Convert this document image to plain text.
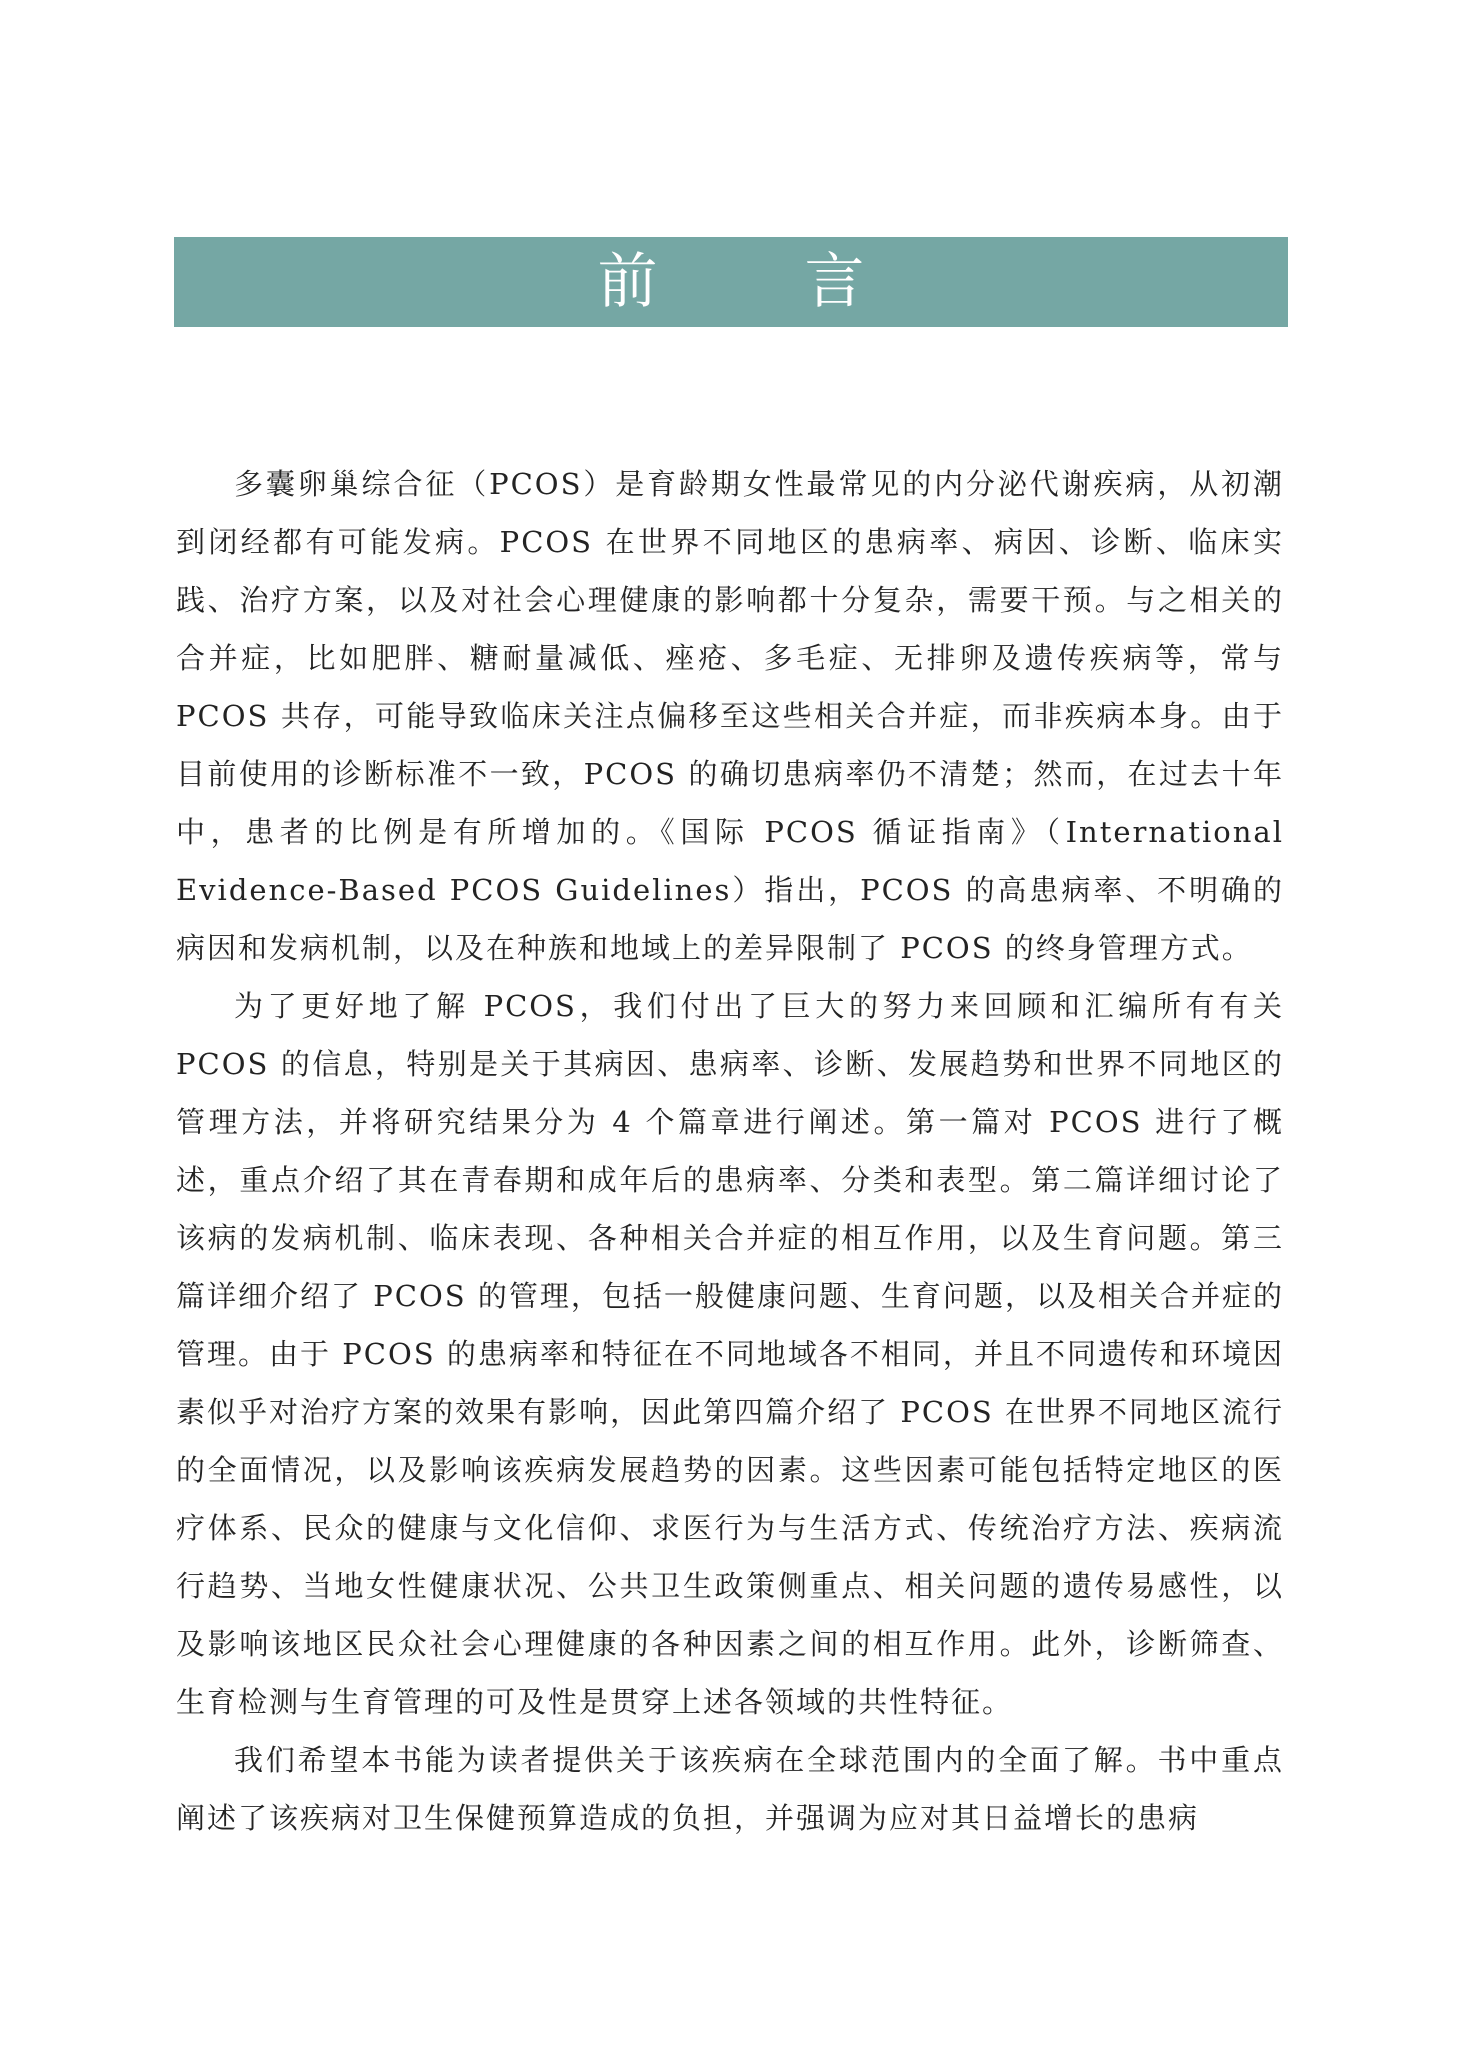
前 言

多囊卵巢综合征（PCOS）是育龄期女性最常见的内分泌代谢疾病，从初潮到闭经都有可能发病。PCOS 在世界不同地区的患病率、病因、诊断、临床实践、治疗方案，以及对社会心理健康的影响都十分复杂，需要干预。与之相关的合并症，比如肥胖、糖耐量减低、痤疮、多毛症、无排卵及遗传疾病等，常与 PCOS 共存，可能导致临床关注点偏移至这些相关合并症，而非疾病本身。由于目前使用的诊断标准不一致，PCOS 的确切患病率仍不清楚；然而，在过去十年中，患者的比例是有所增加的。《国际 PCOS 循证指南》（International Evidence-Based PCOS Guidelines）指出，PCOS 的高患病率、不明确的病因和发病机制，以及在种族和地域上的差异限制了 PCOS 的终身管理方式。

为了更好地了解 PCOS，我们付出了巨大的努力来回顾和汇编所有有关 PCOS 的信息，特别是关于其病因、患病率、诊断、发展趋势和世界不同地区的管理方法，并将研究结果分为 4 个篇章进行阐述。第一篇对 PCOS 进行了概述，重点介绍了其在青春期和成年后的患病率、分类和表型。第二篇详细讨论了该病的发病机制、临床表现、各种相关合并症的相互作用，以及生育问题。第三篇详细介绍了 PCOS 的管理，包括一般健康问题、生育问题，以及相关合并症的管理。由于 PCOS 的患病率和特征在不同地域各不相同，并且不同遗传和环境因素似乎对治疗方案的效果有影响，因此第四篇介绍了 PCOS 在世界不同地区流行的全面情况，以及影响该疾病发展趋势的因素。这些因素可能包括特定地区的医疗体系、民众的健康与文化信仰、求医行为与生活方式、传统治疗方法、疾病流行趋势、当地女性健康状况、公共卫生政策侧重点、相关问题的遗传易感性，以及影响该地区民众社会心理健康的各种因素之间的相互作用。此外，诊断筛查、生育检测与生育管理的可及性是贯穿上述各领域的共性特征。

我们希望本书能为读者提供关于该疾病在全球范围内的全面了解。书中重点阐述了该疾病对卫生保健预算造成的负担，并强调为应对其日益增长的患病
